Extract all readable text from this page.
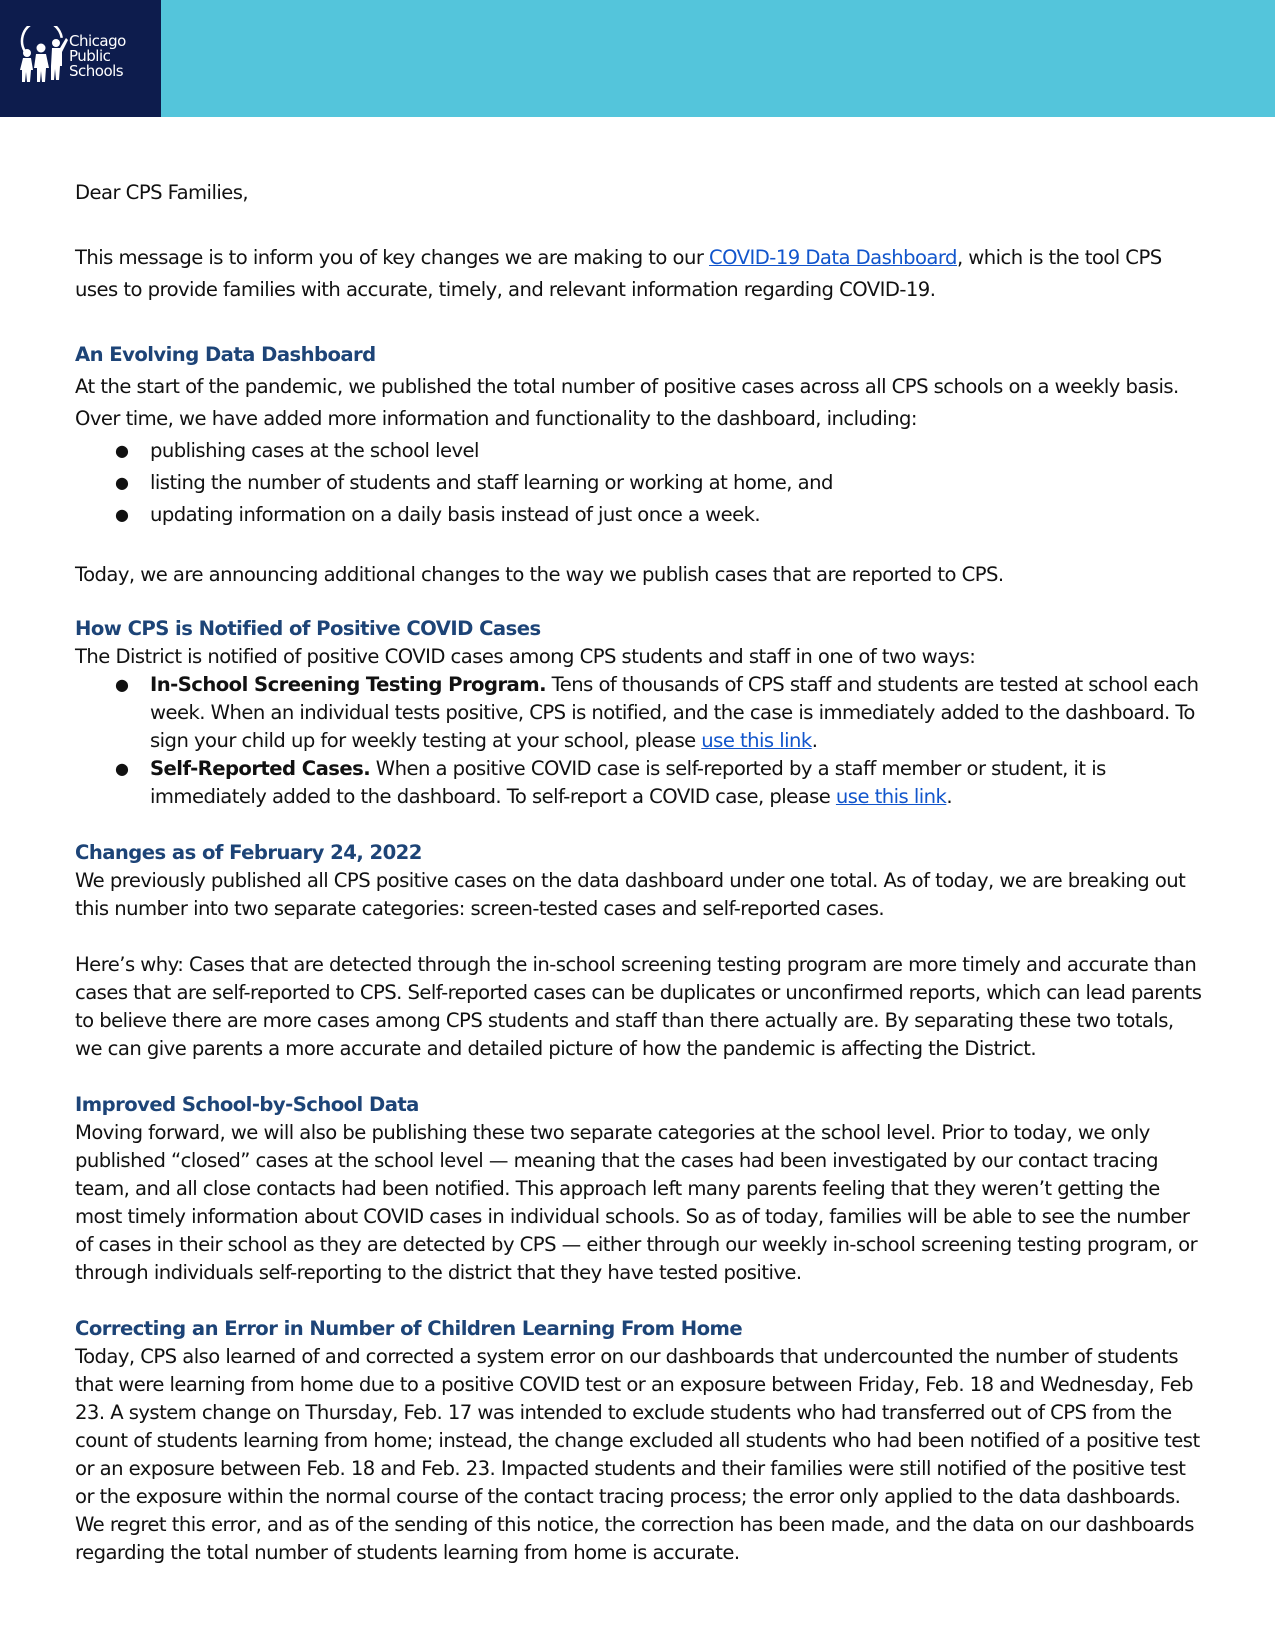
Chicago
Public
Schools

Dear CPS Families,

This message is to inform you of key changes we are making to our COVID-19 Data Dashboard, which is the tool CPS uses to provide families with accurate, timely, and relevant information regarding COVID-19.

An Evolving Data Dashboard

At the start of the pandemic, we published the total number of positive cases across all CPS schools on a weekly basis. Over time, we have added more information and functionality to the dashboard, including:

● publishing cases at the school level
● listing the number of students and staff learning or working at home, and
● updating information on a daily basis instead of just once a week.

Today, we are announcing additional changes to the way we publish cases that are reported to CPS.

How CPS is Notified of Positive COVID Cases

The District is notified of positive COVID cases among CPS students and staff in one of two ways:

● In-School Screening Testing Program. Tens of thousands of CPS staff and students are tested at school each week. When an individual tests positive, CPS is notified, and the case is immediately added to the dashboard. To sign your child up for weekly testing at your school, please use this link.
● Self-Reported Cases. When a positive COVID case is self-reported by a staff member or student, it is immediately added to the dashboard. To self-report a COVID case, please use this link.
Changes as of February 24, 2022

We previously published all CPS positive cases on the data dashboard under one total. As of today, we are breaking out this number into two separate categories: screen-tested cases and self-reported cases.

Here’s why: Cases that are detected through the in-school screening testing program are more timely and accurate than cases that are self-reported to CPS. Self-reported cases can be duplicates or unconfirmed reports, which can lead parents to believe there are more cases among CPS students and staff than there actually are. By separating these two totals, we can give parents a more accurate and detailed picture of how the pandemic is affecting the District.

Improved School-by-School Data

Moving forward, we will also be publishing these two separate categories at the school level. Prior to today, we only published “closed” cases at the school level — meaning that the cases had been investigated by our contact tracing team, and all close contacts had been notified. This approach left many parents feeling that they weren’t getting the most timely information about COVID cases in individual schools. So as of today, families will be able to see the number of cases in their school as they are detected by CPS — either through our weekly in-school screening testing program, or through individuals self-reporting to the district that they have tested positive.

Correcting an Error in Number of Children Learning From Home

Today, CPS also learned of and corrected a system error on our dashboards that undercounted the number of students that were learning from home due to a positive COVID test or an exposure between Friday, Feb. 18 and Wednesday, Feb 23. A system change on Thursday, Feb. 17 was intended to exclude students who had transferred out of CPS from the count of students learning from home; instead, the change excluded all students who had been notified of a positive test or an exposure between Feb. 18 and Feb. 23. Impacted students and their families were still notified of the positive test or the exposure within the normal course of the contact tracing process; the error only applied to the data dashboards. We regret this error, and as of the sending of this notice, the correction has been made, and the data on our dashboards regarding the total number of students learning from home is accurate.
